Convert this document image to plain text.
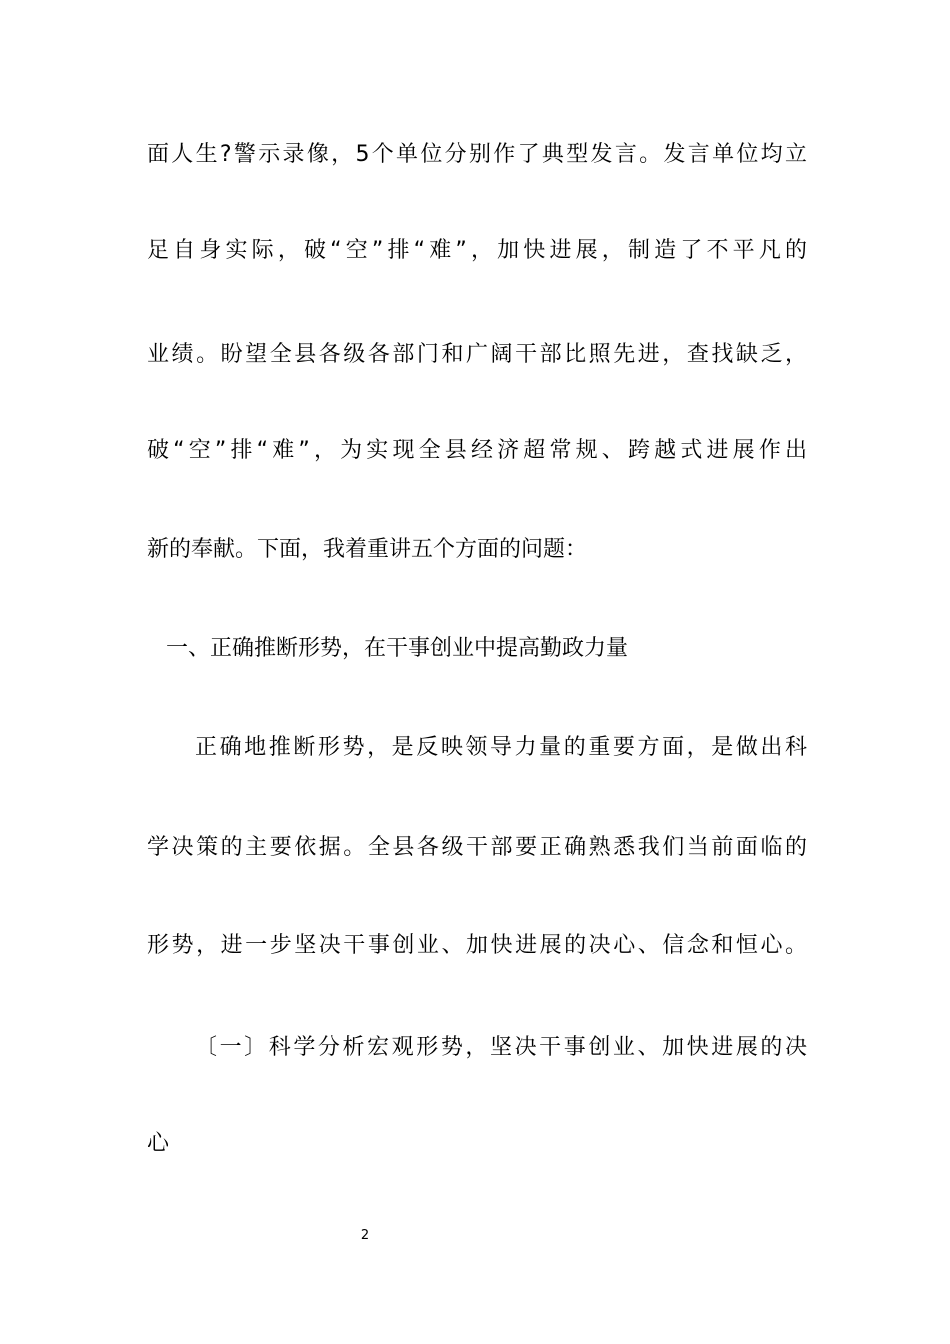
面人生?警示录像，5个单位分别作了典型发言。发言单位均立
足自身实际，破“空”排“难”，加快进展，制造了不平凡的
业绩。盼望全县各级各部门和广阔干部比照先进，查找缺乏，
破“空”排“难”，为实现全县经济超常规、跨越式进展作出
新的奉献。下面，我着重讲五个方面的问题：
一、正确推断形势，在干事创业中提高勤政力量
正确地推断形势，是反映领导力量的重要方面，是做出科
学决策的主要依据。全县各级干部要正确熟悉我们当前面临的
形势，进一步坚决干事创业、加快进展的决心、信念和恒心。
〔一〕科学分析宏观形势，坚决干事创业、加快进展的决
心
2
